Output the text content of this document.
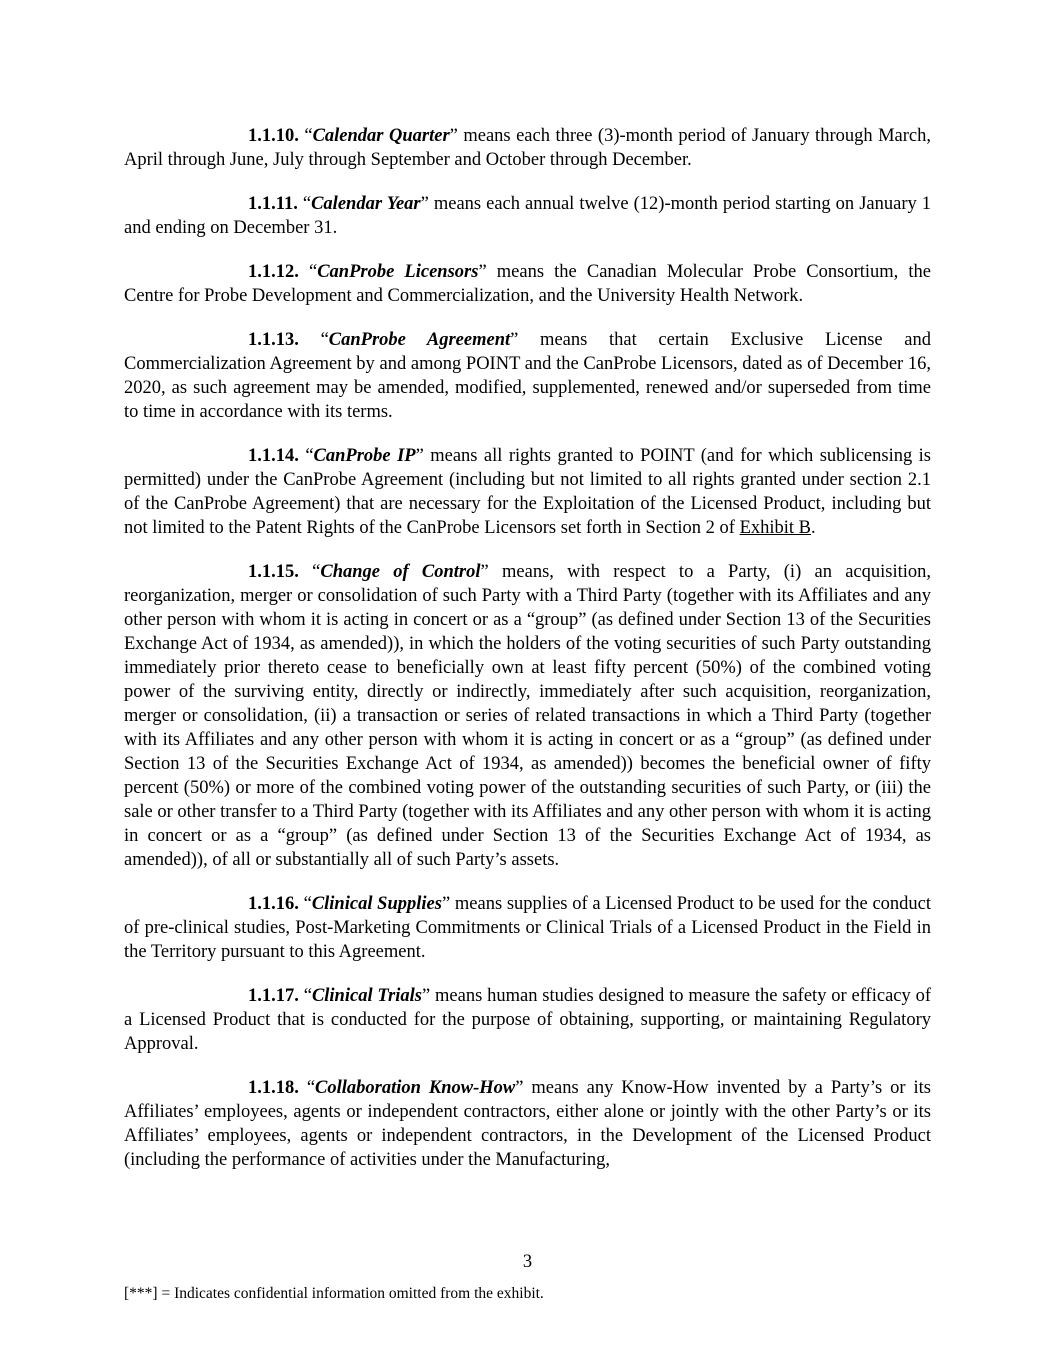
1.1.10. “Calendar Quarter” means each three (3)-month period of January through March, April through June, July through September and October through December.

1.1.11. “Calendar Year” means each annual twelve (12)-month period starting on January 1 and ending on December 31.

1.1.12. “CanProbe Licensors” means the Canadian Molecular Probe Consortium, the Centre for Probe Development and Commercialization, and the University Health Network.

1.1.13. “CanProbe Agreement” means that certain Exclusive License and Commercialization Agreement by and among POINT and the CanProbe Licensors, dated as of December 16, 2020, as such agreement may be amended, modified, supplemented, renewed and/or superseded from time to time in accordance with its terms.

1.1.14. “CanProbe IP” means all rights granted to POINT (and for which sublicensing is permitted) under the CanProbe Agreement (including but not limited to all rights granted under section 2.1 of the CanProbe Agreement) that are necessary for the Exploitation of the Licensed Product, including but not limited to the Patent Rights of the CanProbe Licensors set forth in Section 2 of Exhibit B.

1.1.15. “Change of Control” means, with respect to a Party, (i) an acquisition, reorganization, merger or consolidation of such Party with a Third Party (together with its Affiliates and any other person with whom it is acting in concert or as a “group” (as defined under Section 13 of the Securities Exchange Act of 1934, as amended)), in which the holders of the voting securities of such Party outstanding immediately prior thereto cease to beneficially own at least fifty percent (50%) of the combined voting power of the surviving entity, directly or indirectly, immediately after such acquisition, reorganization, merger or consolidation, (ii) a transaction or series of related transactions in which a Third Party (together with its Affiliates and any other person with whom it is acting in concert or as a “group” (as defined under Section 13 of the Securities Exchange Act of 1934, as amended)) becomes the beneficial owner of fifty percent (50%) or more of the combined voting power of the outstanding securities of such Party, or (iii) the sale or other transfer to a Third Party (together with its Affiliates and any other person with whom it is acting in concert or as a “group” (as defined under Section 13 of the Securities Exchange Act of 1934, as amended)), of all or substantially all of such Party’s assets.

1.1.16. “Clinical Supplies” means supplies of a Licensed Product to be used for the conduct of pre-clinical studies, Post-Marketing Commitments or Clinical Trials of a Licensed Product in the Field in the Territory pursuant to this Agreement.

1.1.17. “Clinical Trials” means human studies designed to measure the safety or efficacy of a Licensed Product that is conducted for the purpose of obtaining, supporting, or maintaining Regulatory Approval.

1.1.18. “Collaboration Know-How” means any Know-How invented by a Party’s or its Affiliates’ employees, agents or independent contractors, either alone or jointly with the other Party’s or its Affiliates’ employees, agents or independent contractors, in the Development of the Licensed Product (including the performance of activities under the Manufacturing,

3
[***] = Indicates confidential information omitted from the exhibit.
